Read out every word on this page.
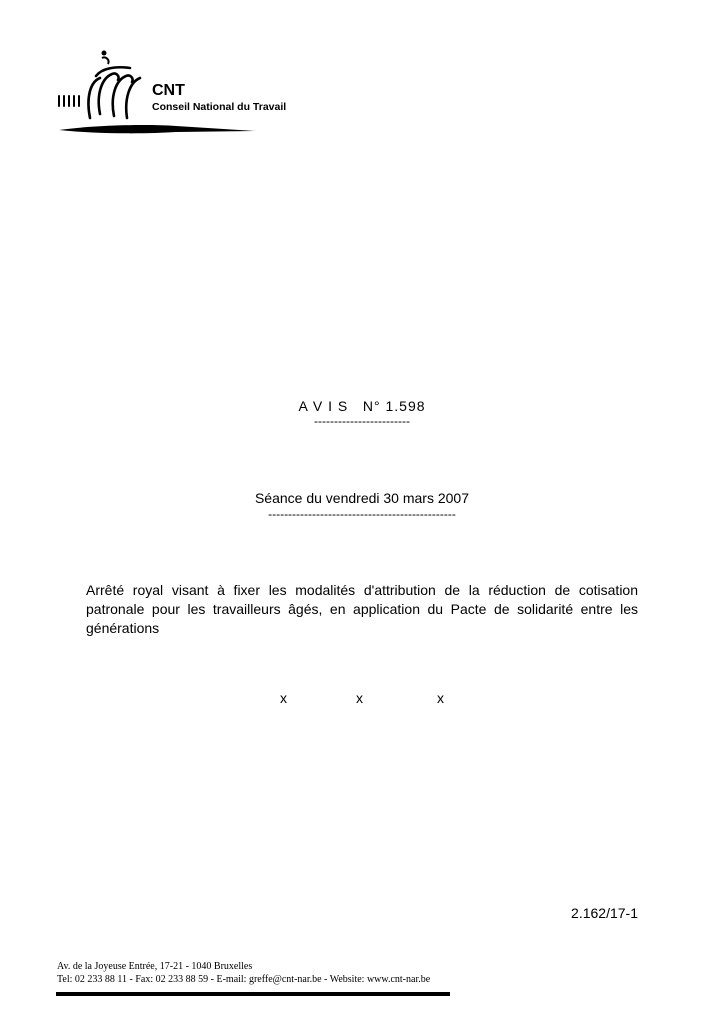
CNT
Conseil National du Travail
A V I S   N° 1.598
------------------------
Séance du vendredi 30 mars 2007
-----------------------------------------------
Arrêté royal visant à fixer les modalités d'attribution de la réduction de cotisation patronale pour les travailleurs âgés, en application du Pacte de solidarité entre les générations
x	x	x
2.162/17-1
Av. de la Joyeuse Entrée, 17-21 - 1040 Bruxelles
Tel: 02 233 88 11 - Fax: 02 233 88 59 - E-mail: greffe@cnt-nar.be - Website: www.cnt-nar.be
